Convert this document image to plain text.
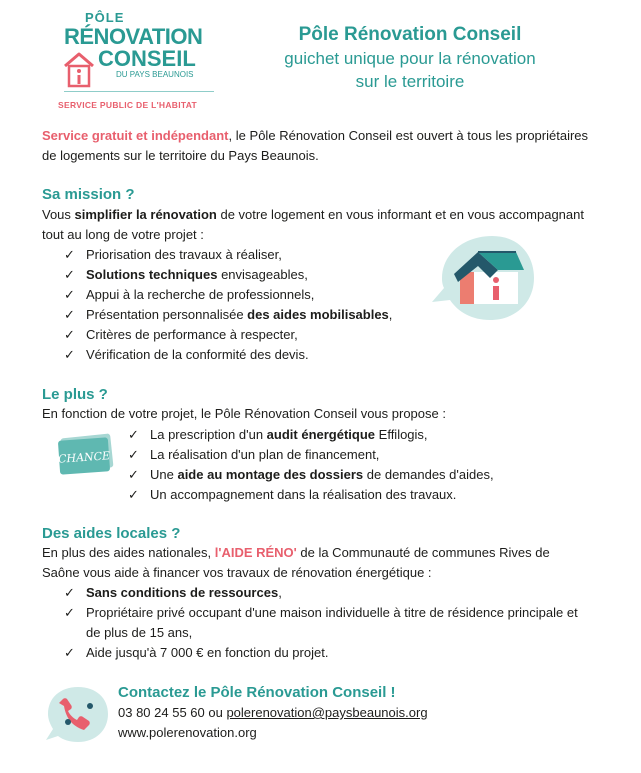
PÔLE
RÉNOVATION
CONSEIL
DU PAYS BEAUNOIS
SERVICE PUBLIC DE L'HABITAT
Pôle Rénovation Conseil
guichet unique pour la rénovation
sur le territoire
Service gratuit et indépendant, le Pôle Rénovation Conseil est ouvert à tous les propriétaires de logements sur le territoire du Pays Beaunois.
Sa mission ?
Vous simplifier la rénovation de votre logement en vous informant et en vous accompagnant tout au long de votre projet :
✓ Priorisation des travaux à réaliser,
✓ Solutions techniques envisageables,
✓ Appui à la recherche de professionnels,
✓ Présentation personnalisée des aides mobilisables,
✓ Critères de performance à respecter,
✓ Vérification de la conformité des devis.
Le plus ?
En fonction de votre projet, le Pôle Rénovation Conseil vous propose :
CHANCE
✓ La prescription d'un audit énergétique Effilogis,
✓ La réalisation d'un plan de financement,
✓ Une aide au montage des dossiers de demandes d'aides,
✓ Un accompagnement dans la réalisation des travaux.
Des aides locales ?
En plus des aides nationales, l'AIDE RÉNO' de la Communauté de communes Rives de Saône vous aide à financer vos travaux de rénovation énergétique :
✓ Sans conditions de ressources,
✓ Propriétaire privé occupant d'une maison individuelle à titre de résidence principale et de plus de 15 ans,
✓ Aide jusqu'à 7 000 € en fonction du projet.
Contactez le Pôle Rénovation Conseil !
03 80 24 55 60 ou polerenovation@paysbeaunois.org
www.polerenovation.org
